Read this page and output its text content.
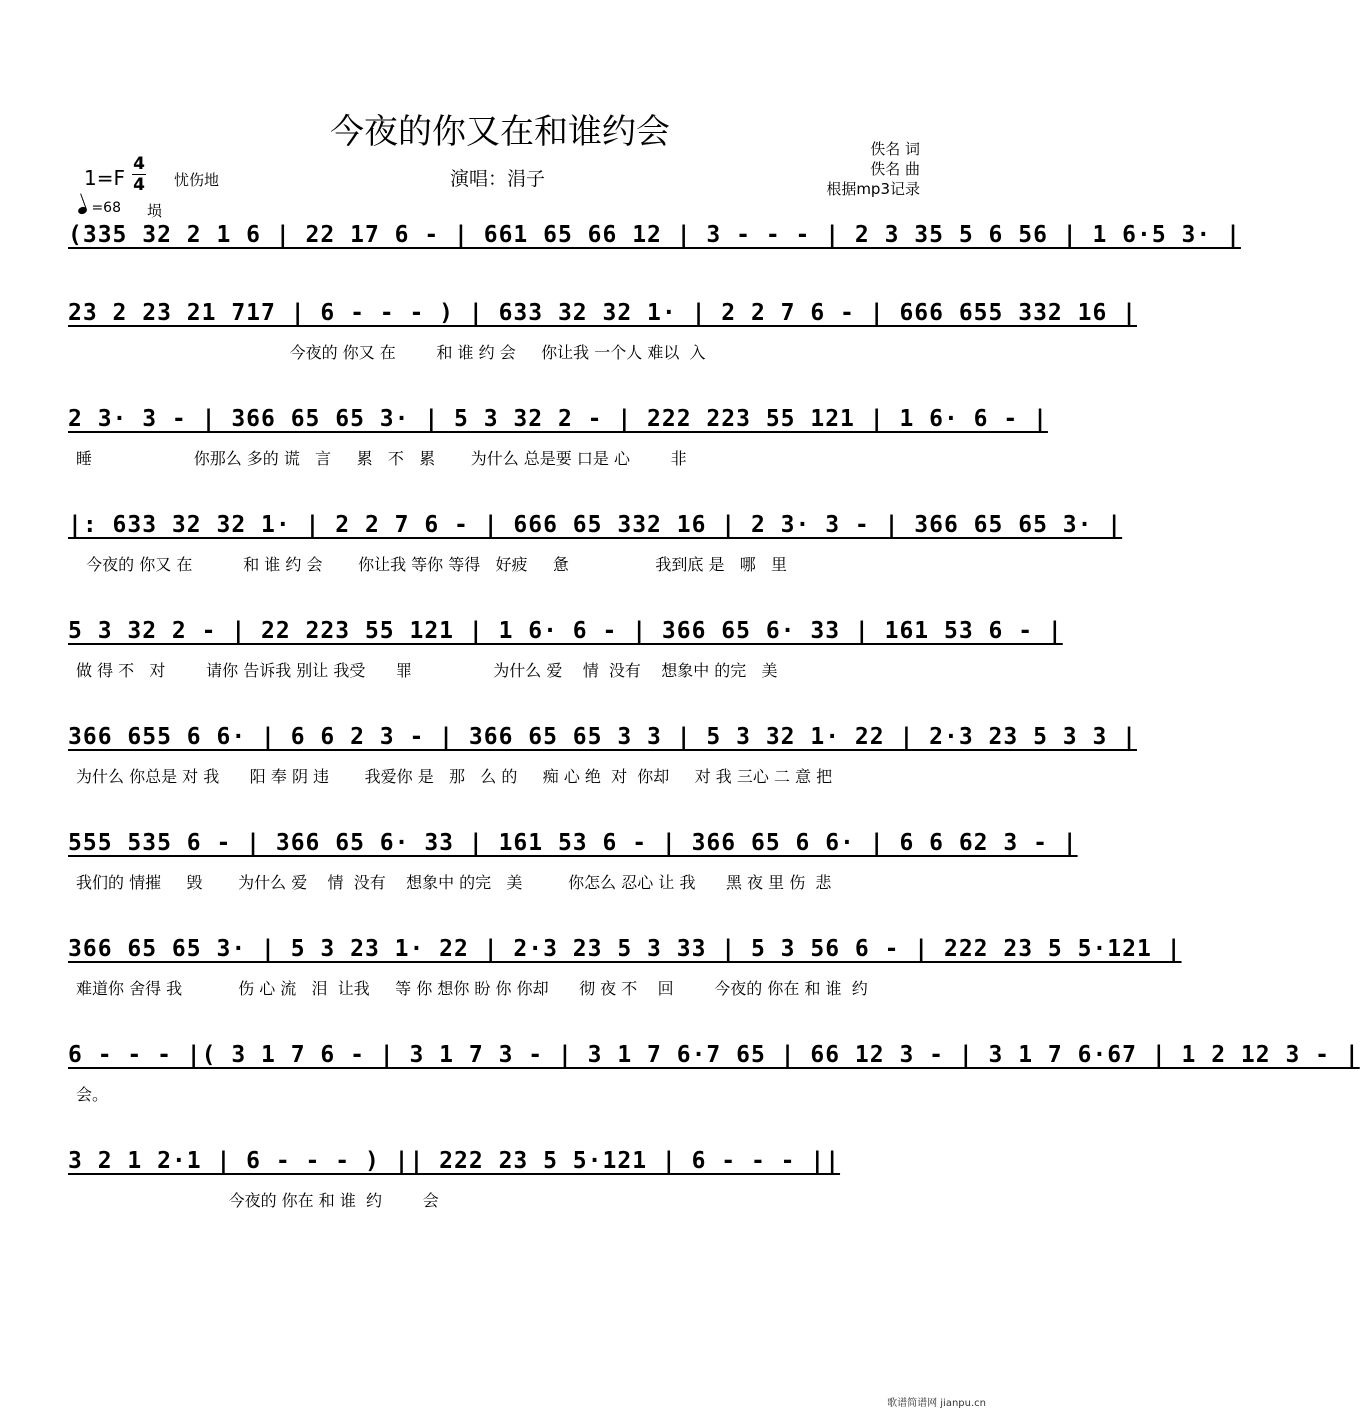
今夜的你又在和谁约会	佚名 词
佚名 曲
根据mp3记录
1=F
4
4 忧伤地	演唱：涓子
=68 埙
(335 32 2 1 6 | 22 17 6 - | 661 65 66 12 | 3 - - - | 2 3 35 5 6 56 | 1 6·5 3· |
23 2 23 21 717 | 6 - - - ) | 633 32 32 1· | 2 2 7 6 - | 666 655 332 16 |
今夜的 你又 在        和 谁 约 会     你让我 一个人 难以  入
2 3· 3 - | 366 65 65 3· | 5 3 32 2 - | 222 223 55 121 | 1 6· 6 - |
睡                    你那么 多的 谎   言     累   不   累       为什么 总是要 口是 心        非
|: 633 32 32 1· | 2 2 7 6 - | 666 65 332 16 | 2 3· 3 - | 366 65 65 3· |
今夜的 你又 在          和 谁 约 会       你让我 等你 等得   好疲     惫                 我到底 是   哪   里
5 3 32 2 - | 22 223 55 121 | 1 6· 6 - | 366 65 6· 33 | 161 53 6 - |
做 得 不   对        请你 告诉我 别让 我受      罪                为什么 爱    情  没有    想象中 的完   美
366 655 6 6· | 6 6 2 3 - | 366 65 65 3 3 | 5 3 32 1· 22 | 2·3 23 5 3 3 |
为什么 你总是 对 我      阳 奉 阴 违       我爱你 是   那   么 的     痴 心 绝  对  你却     对 我 三心 二 意 把
555 535 6 - | 366 65 6· 33 | 161 53 6 - | 366 65 6 6· | 6 6 62 3 - |
我们的 情摧     毁       为什么 爱    情  没有    想象中 的完   美         你怎么 忍心 让 我      黑 夜 里 伤  悲
366 65 65 3· | 5 3 23 1· 22 | 2·3 23 5 3 33 | 5 3 56 6 - | 222 23 5 5·121 |
难道你 舍得 我           伤 心 流   泪  让我     等 你 想你 盼 你 你却      彻 夜 不    回        今夜的 你在 和 谁  约
6 - - - |( 3 1 7 6 - | 3 1 7 3 - | 3 1 7 6·7 65 | 66 12 3 - | 3 1 7 6·67 | 1 2 12 3 - |
会。
3 2 1 2·1 | 6 - - - ) || 222 23 5 5·121 | 6 - - - ||
今夜的 你在 和 谁  约        会
歌谱简谱网 jianpu.cn
